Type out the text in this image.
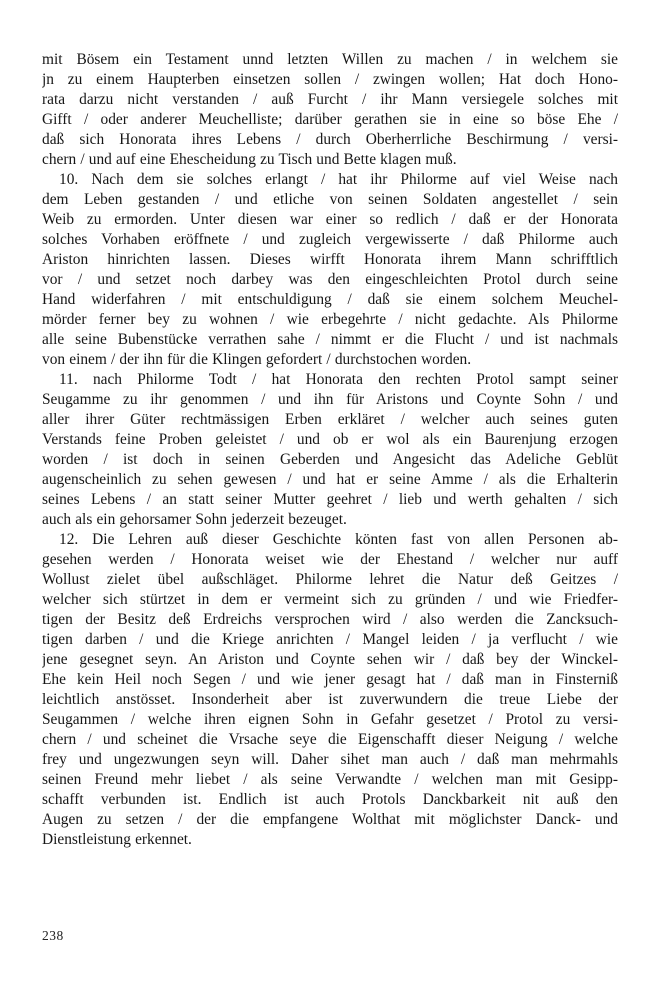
mit Bösem ein Testament unnd letzten Willen zu machen / in welchem sie
jn zu einem Haupterben einsetzen sollen / zwingen wollen; Hat doch Hono-
rata darzu nicht verstanden / auß Furcht / ihr Mann versiegele solches mit
Gifft / oder anderer Meuchelliste; darüber gerathen sie in eine so böse Ehe /
daß sich Honorata ihres Lebens / durch Oberherrliche Beschirmung / versi-
chern / und auf eine Ehescheidung zu Tisch und Bette klagen muß.
10. Nach dem sie solches erlangt / hat ihr Philorme auf viel Weise nach
dem Leben gestanden / und etliche von seinen Soldaten angestellet / sein
Weib zu ermorden. Unter diesen war einer so redlich / daß er der Honorata
solches Vorhaben eröffnete / und zugleich vergewisserte / daß Philorme auch
Ariston hinrichten lassen. Dieses wirfft Honorata ihrem Mann schrifftlich
vor / und setzet noch darbey was den eingeschleichten Protol durch seine
Hand widerfahren / mit entschuldigung / daß sie einem solchem Meuchel-
mörder ferner bey zu wohnen / wie erbegehrte / nicht gedachte. Als Philorme
alle seine Bubenstücke verrathen sahe / nimmt er die Flucht / und ist nachmals
von einem / der ihn für die Klingen gefordert / durchstochen worden.
11. nach Philorme Todt / hat Honorata den rechten Protol sampt seiner
Seugamme zu ihr genommen / und ihn für Aristons und Coynte Sohn / und
aller ihrer Güter rechtmässigen Erben erkläret / welcher auch seines guten
Verstands feine Proben geleistet / und ob er wol als ein Baurenjung erzogen
worden / ist doch in seinen Geberden und Angesicht das Adeliche Geblüt
augenscheinlich zu sehen gewesen / und hat er seine Amme / als die Erhalterin
seines Lebens / an statt seiner Mutter geehret / lieb und werth gehalten / sich
auch als ein gehorsamer Sohn jederzeit bezeuget.
12. Die Lehren auß dieser Geschichte könten fast von allen Personen ab-
gesehen werden / Honorata weiset wie der Ehestand / welcher nur auff
Wollust zielet übel außschläget. Philorme lehret die Natur deß Geitzes /
welcher sich stürtzet in dem er vermeint sich zu gründen / und wie Friedfer-
tigen der Besitz deß Erdreichs versprochen wird / also werden die Zancksuch-
tigen darben / und die Kriege anrichten / Mangel leiden / ja verflucht / wie
jene gesegnet seyn. An Ariston und Coynte sehen wir / daß bey der Winckel-
Ehe kein Heil noch Segen / und wie jener gesagt hat / daß man in Finsterniß
leichtlich anstösset. Insonderheit aber ist zuverwundern die treue Liebe der
Seugammen / welche ihren eignen Sohn in Gefahr gesetzet / Protol zu versi-
chern / und scheinet die Vrsache seye die Eigenschafft dieser Neigung / welche
frey und ungezwungen seyn will. Daher sihet man auch / daß man mehrmahls
seinen Freund mehr liebet / als seine Verwandte / welchen man mit Gesipp-
schafft verbunden ist. Endlich ist auch Protols Danckbarkeit nit auß den
Augen zu setzen / der die empfangene Wolthat mit möglichster Danck- und
Dienstleistung erkennet.
238
